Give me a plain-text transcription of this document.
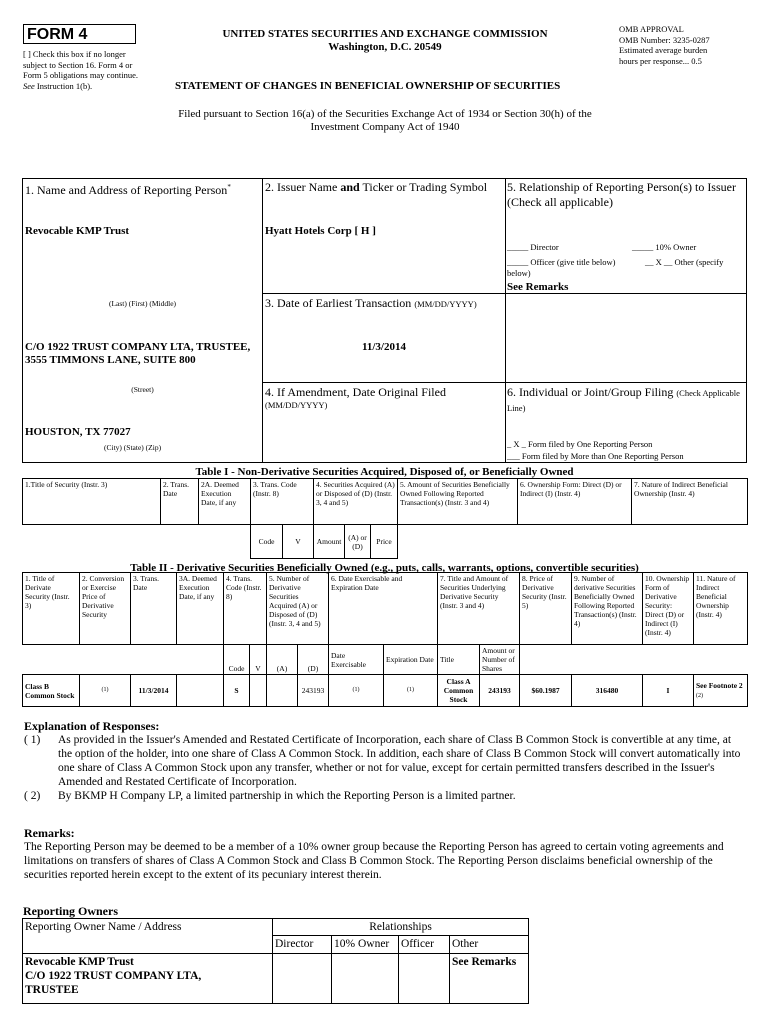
FORM 4
[ ] Check this box if no longer subject to Section 16. Form 4 or Form 5 obligations may continue. See Instruction 1(b).
UNITED STATES SECURITIES AND EXCHANGE COMMISSION
Washington, D.C. 20549
STATEMENT OF CHANGES IN BENEFICIAL OWNERSHIP OF SECURITIES
OMB APPROVAL
OMB Number: 3235-0287
Estimated average burden
hours per response... 0.5
Filed pursuant to Section 16(a) of the Securities Exchange Act of 1934 or Section 30(h) of the
Investment Company Act of 1940
1. Name and Address of Reporting Person*
Revocable KMP Trust
(Last) (First) (Middle)
C/O 1922 TRUST COMPANY LTA, TRUSTEE, 3555 TIMMONS LANE, SUITE 800
(Street)
HOUSTON, TX 77027
(City) (State) (Zip)
2. Issuer Name and Ticker or Trading Symbol
Hyatt Hotels Corp [ H ]
3. Date of Earliest Transaction (MM/DD/YYYY)
11/3/2014
4. If Amendment, Date Original Filed
(MM/DD/YYYY)
5. Relationship of Reporting Person(s) to Issuer
(Check all applicable)
_____ Director	_____ 10% Owner
_____ Officer (give title below)	__ X __ Other (specify below)
See Remarks
6. Individual or Joint/Group Filing (Check Applicable Line)
_ X _ Form filed by One Reporting Person
___ Form filed by More than One Reporting Person
Table I - Non-Derivative Securities Acquired, Disposed of, or Beneficially Owned
1.Title of Security (Instr. 3)	2. Trans. Date	2A. Deemed Execution Date, if any	3. Trans. Code (Instr. 8)		4. Securities Acquired (A) or Disposed of (D) (Instr. 3, 4 and 5)			5. Amount of Securities Beneficially Owned Following Reported Transaction(s) (Instr. 3 and 4)	6. Ownership Form: Direct (D) or Indirect (I) (Instr. 4)	7. Nature of Indirect Beneficial Ownership (Instr. 4)
			Code	V	Amount	(A) or (D)	Price			
Table II - Derivative Securities Beneficially Owned (e.g., puts, calls, warrants, options, convertible securities)
1. Title of Derivate Security (Instr. 3)	2. Conversion or Exercise Price of Derivative Security	3. Trans. Date	3A. Deemed Execution Date, if any	4. Trans. Code (Instr. 8)		5. Number of Derivative Securities Acquired (A) or Disposed of (D) (Instr. 3, 4 and 5)		6. Date Exercisable and Expiration Date		7. Title and Amount of Securities Underlying Derivative Security (Instr. 3 and 4)		8. Price of Derivative Security (Instr. 5)	9. Number of derivative Securities Beneficially Owned Following Reported Transaction(s) (Instr. 4)	10. Ownership Form of Derivative Security: Direct (D) or Indirect (I) (Instr. 4)	11. Nature of Indirect Beneficial Ownership (Instr. 4)
				Code	V	(A)	(D)	Date Exercisable	Expiration Date	Title	Amount or Number of Shares				
Class B Common Stock	(1)	11/3/2014		S			243193	(1)	(1)	Class A Common Stock	243193	$60.1987	316480	I	See Footnote 2 (2)

Explanation of Responses:

( 1)	As provided in the Issuer's Amended and Restated Certificate of Incorporation, each share of Class B Common Stock is convertible at any time, at the option of the holder, into one share of Class A Common Stock. In addition, each share of Class B Common Stock will convert automatically into one share of Class A Common Stock upon any transfer, whether or not for value, except for certain permitted transfers described in the Issuer's Amended and Restated Certificate of Incorporation.
( 2)	By BKMP H Company LP, a limited partnership in which the Reporting Person is a limited partner.

Remarks:

The Reporting Person may be deemed to be a member of a 10% owner group because the Reporting Person has agreed to certain voting agreements and limitations on transfers of shares of Class A Common Stock and Class B Common Stock. The Reporting Person disclaims beneficial ownership of the securities reported herein except to the extent of its pecuniary interest therein.

Reporting Owners
Reporting Owner Name / Address	Relationships			
	Director	10% Owner	Officer	Other

Revocable KMP Trust
C/O 1922 TRUST COMPANY LTA,
TRUSTEE				See Remarks
